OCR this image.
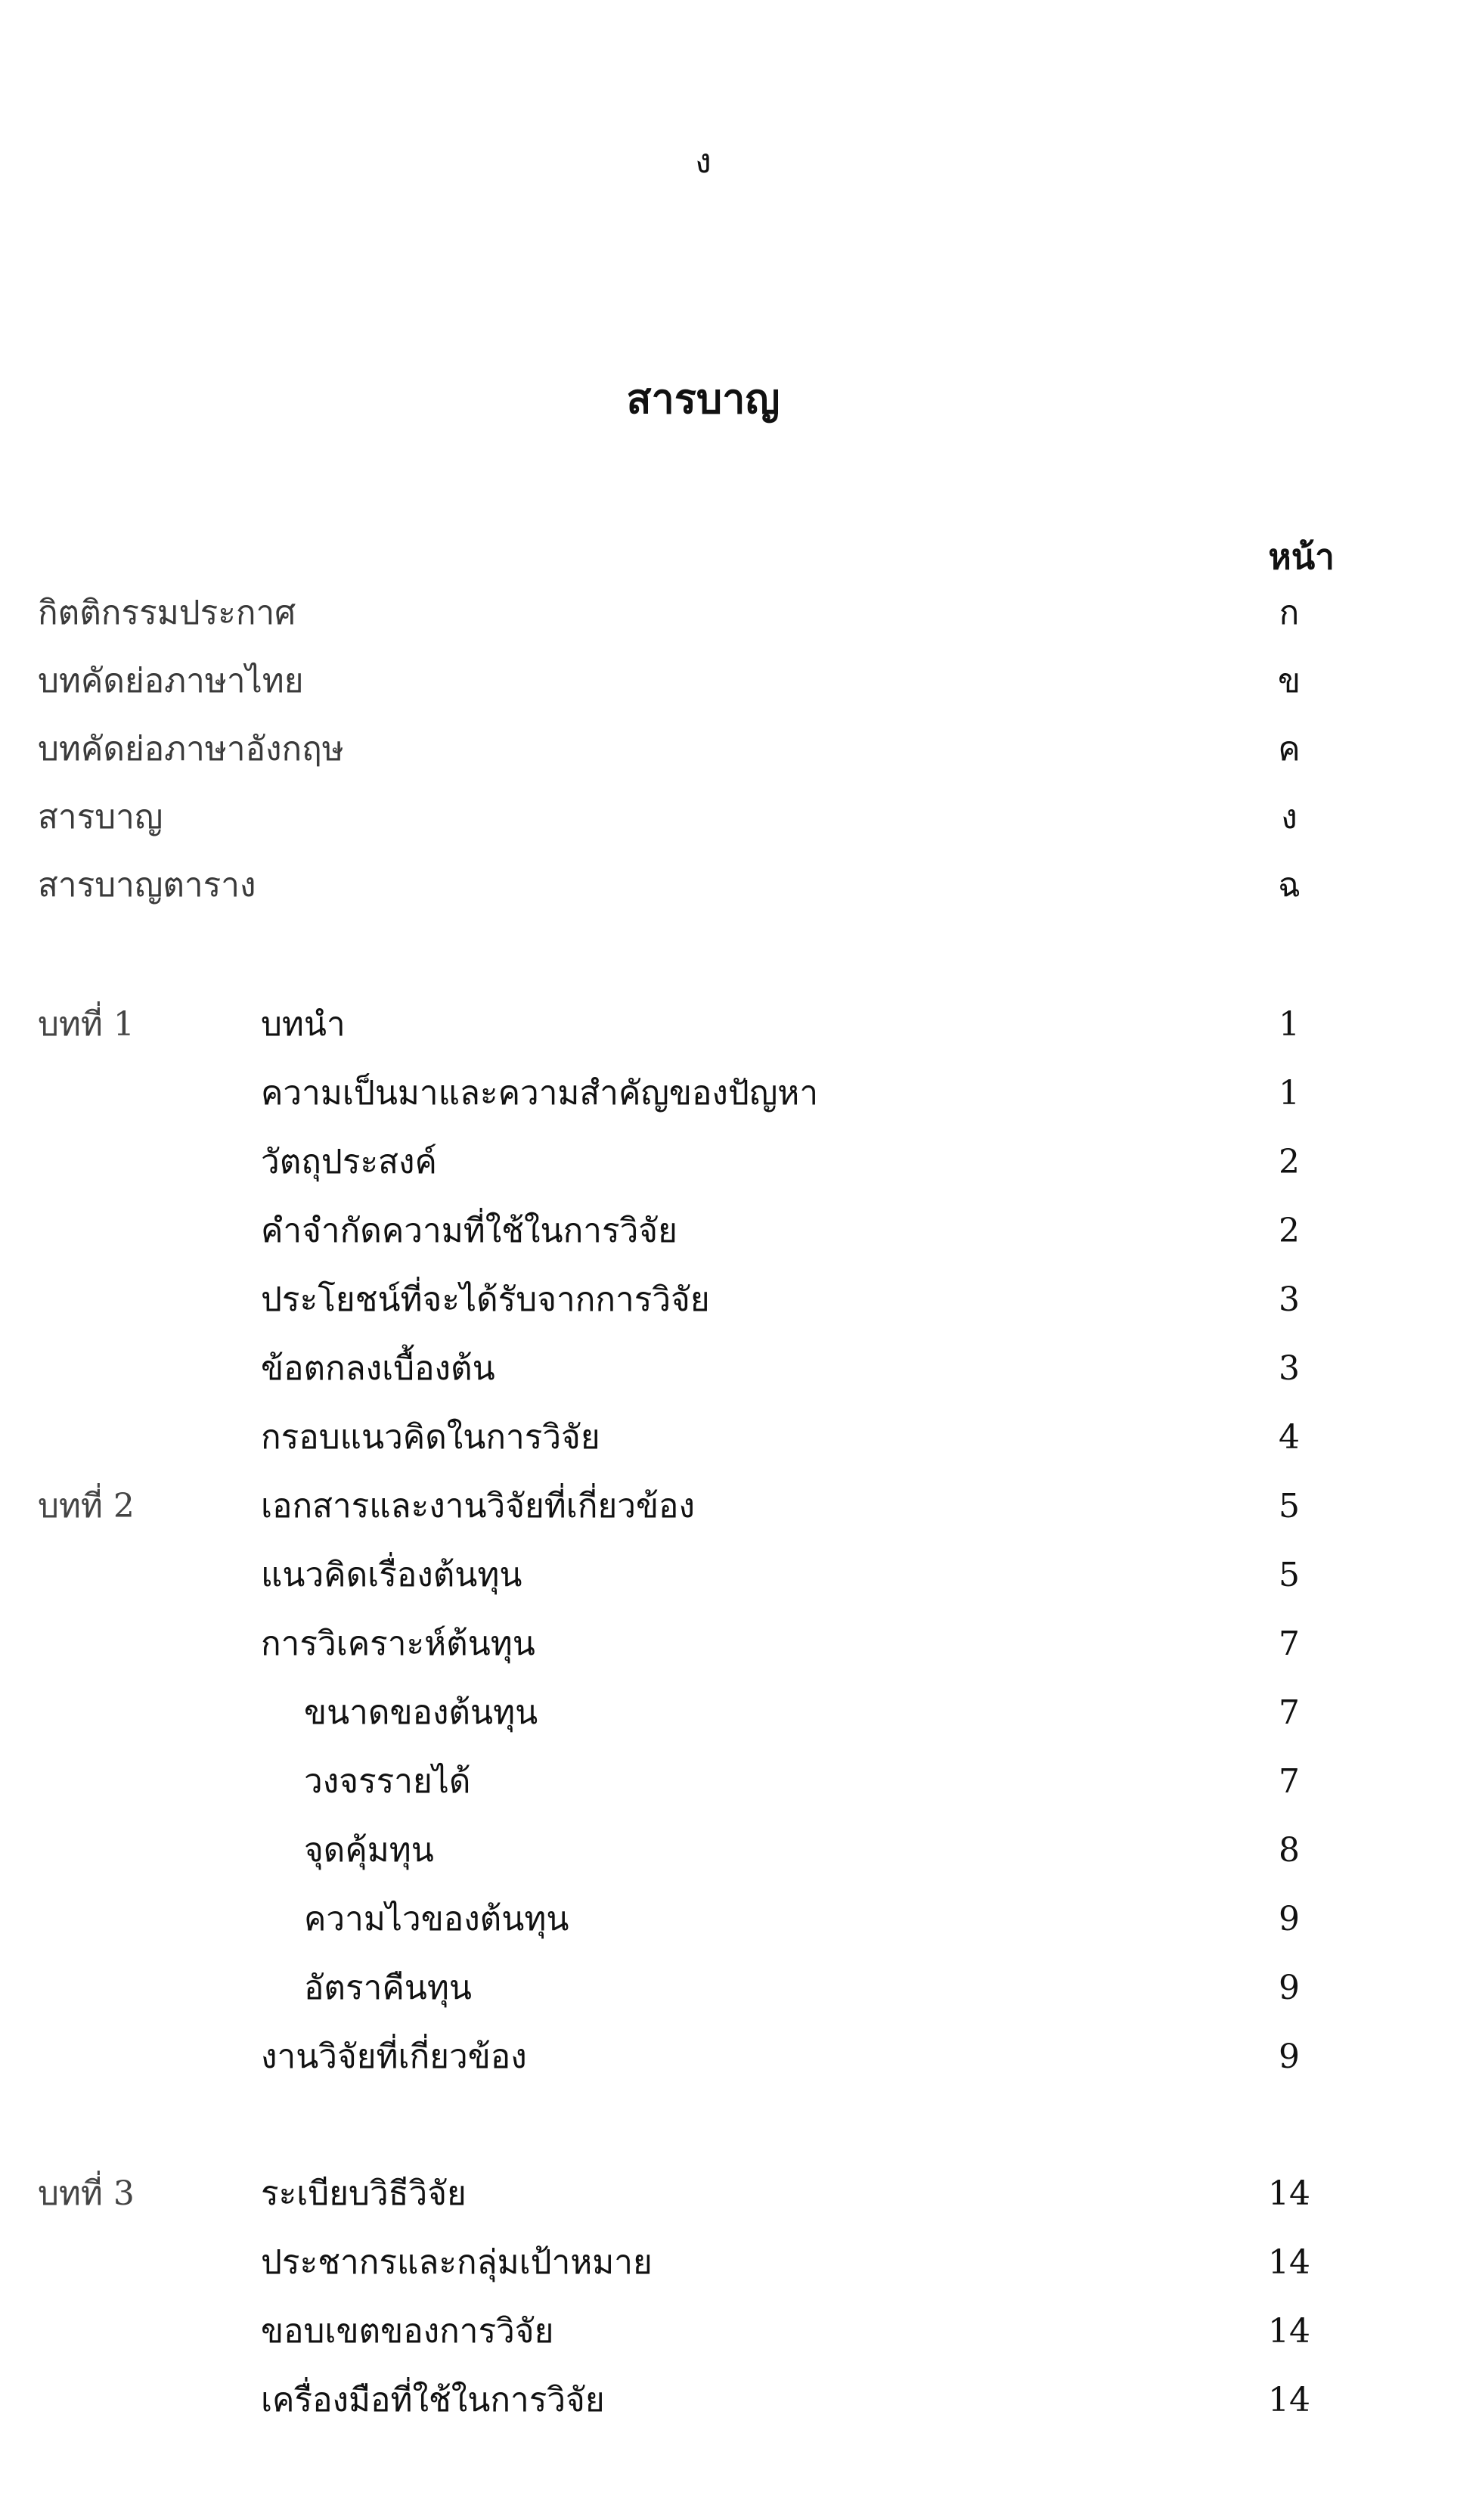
ง
สารบาญ
หน้า
กิตติกรรมประกาศ	ก
บทคัดย่อภาษาไทย	ข
บทคัดย่อภาษาอังกฤษ	ค
สารบาญ	ง
สารบาญตาราง	ฉ
บทที่ 1	บทนำ	1
ความเป็นมาและความสำคัญของปัญหา	1
วัตถุประสงค์	2
คำจำกัดความที่ใช้ในการวิจัย	2
ประโยชน์ที่จะได้รับจากการวิจัย	3
ข้อตกลงเบื้องต้น	3
กรอบแนวคิดในการวิจัย	4
บทที่ 2	เอกสารและงานวิจัยที่เกี่ยวข้อง	5
แนวคิดเรื่องต้นทุน	5
การวิเคราะห์ต้นทุน	7
ขนาดของต้นทุน	7
วงจรรายได้	7
จุดคุ้มทุน	8
ความไวของต้นทุน	9
อัตราคืนทุน	9
งานวิจัยที่เกี่ยวข้อง	9
บทที่ 3	ระเบียบวิธีวิจัย	14
ประชากรและกลุ่มเป้าหมาย	14
ขอบเขตของการวิจัย	14
เครื่องมือที่ใช้ในการวิจัย	14
